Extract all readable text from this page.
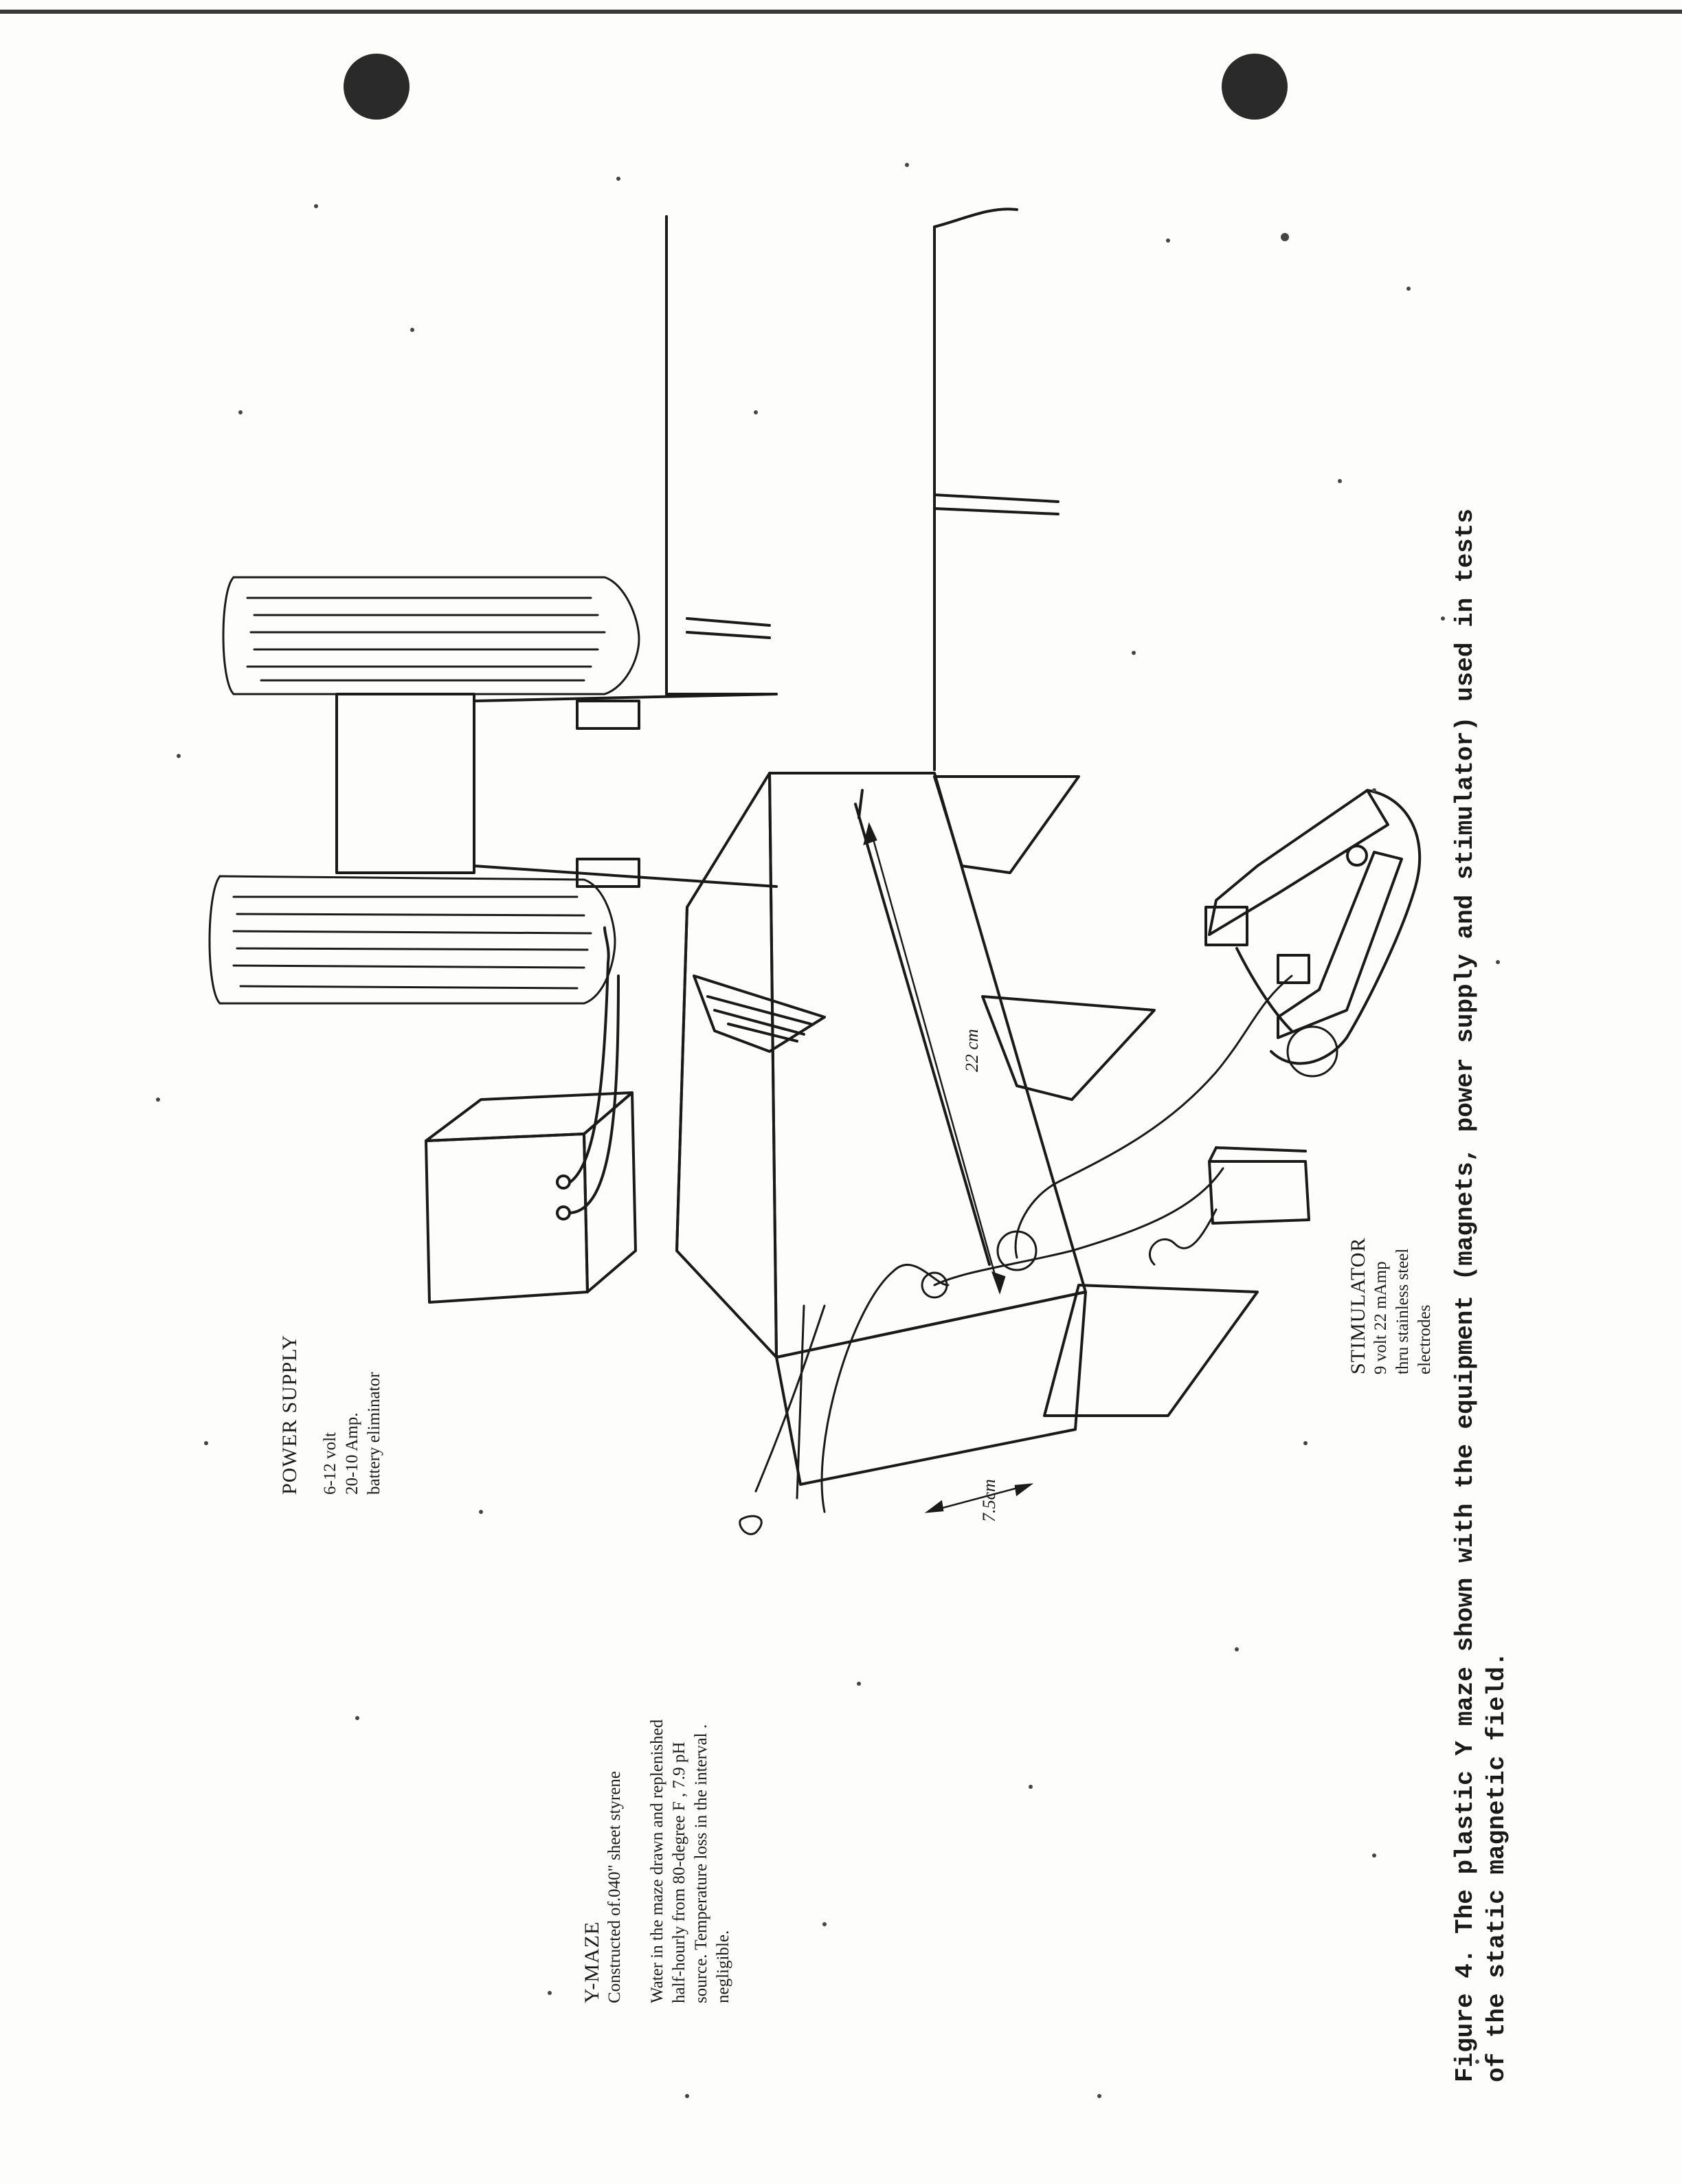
22 cm
7.5cm
POWER SUPPLY 6-12 volt 20-10 Amp. battery eliminator
Y-MAZE Constructed of.040" sheet styrene Water in the maze drawn and replenished half-hourly from 80-degree F , 7.9 pH source. Temperature loss in the interval . negligible.
STIMULATOR 9 volt 22 mAmp thru stainless steel electrodes Figure 4. The plastic Y maze shown with the equipment (magnets, power supply and stimulator) used in tests of the static magnetic field.
